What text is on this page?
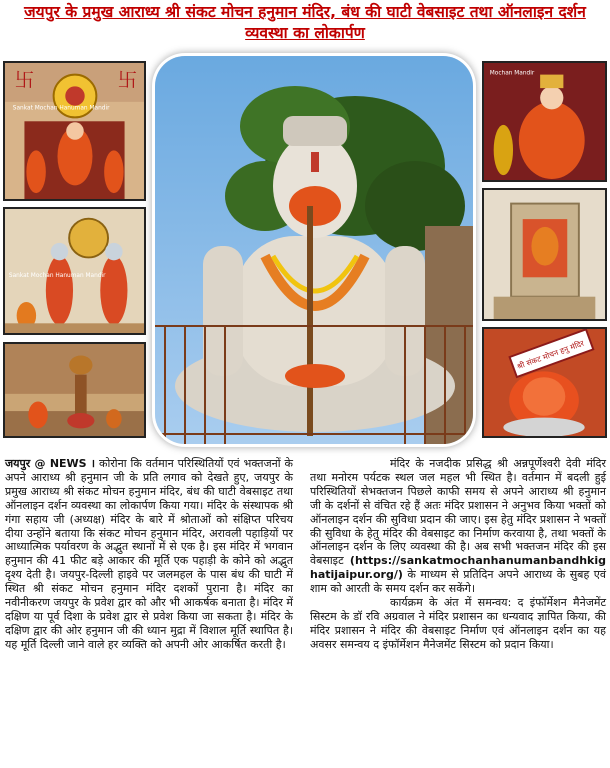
जयपुर के प्रमुख आराध्य श्री संकट मोचन हनुमान मंदिर, बंध की घाटी वेबसाइट तथा ऑनलाइन दर्शन व्यवस्था का लोकार्पण
卐	卐
Sankat Mochan Hanuman Mandir
Sankat Mochan Hanuman Mandir
Mochan Mandir
श्री संकट मोचन हनु मंदिर

जयपुर @ NEWS । कोरोना कि वर्तमान परिस्थितियों एवं भक्तजनों के अपने आराध्य श्री हनुमान जी के प्रति लगाव को देखते हुए, जयपुर के प्रमुख आराध्य श्री संकट मोचन हनुमान मंदिर, बंध की घाटी वेबसाइट तथा ऑनलाइन दर्शन व्यवस्था का लोकार्पण किया गया। मंदिर के संस्थापक श्री गंगा सहाय जी (अध्यक्ष) मंदिर के बारे में श्रोताओं को संक्षिप्त परिचय दीया उन्होंने बताया कि संकट मोचन हनुमान मंदिर, अरावली पहाड़ियों पर आध्यात्मिक पर्यावरण के अद्भुत स्थानों में से एक है। इस मंदिर में भगवान हनुमान की 41 फीट बड़े आकार की मूर्ति एक पहाड़ी के कोने को अद्भुत दृश्य देती है। जयपुर-दिल्ली हाइवे पर जलमहल के पास बंध की घाटी में स्थित श्री संकट मोचन हनुमान मंदिर दशकों पुराना है। मंदिर का नवीनीकरण जयपुर के प्रवेश द्वार को और भी आकर्षक बनाता है। मंदिर में दक्षिण या पूर्व दिशा के प्रवेश द्वार से प्रवेश किया जा सकता है। मंदिर के दक्षिण द्वार की ओर हनुमान जी की ध्यान मुद्रा में विशाल मूर्ति स्थापित है। यह मूर्ति दिल्ली जाने वाले हर व्यक्ति को अपनी ओर आकर्षित करती है।

मंदिर के नजदीक प्रसिद्ध श्री अन्नपूर्णेश्वरी देवी मंदिर तथा मनोरम पर्यटक स्थल जल महल भी स्थित है। वर्तमान में बदली हुई परिस्थितियों सेभक्तजन पिछले काफी समय से अपने आराध्य श्री हनुमान जी के दर्शनों से वंचित रहे हैं अतः मंदिर प्रशासन ने अनुभव किया भक्तों को ऑनलाइन दर्शन की सुविधा प्रदान की जाए। इस हेतु मंदिर प्रशासन ने भक्तों की सुविधा के हेतु मंदिर की वेबसाइट का निर्माण करवाया है, तथा भक्तों के ऑनलाइन दर्शन के लिए व्यवस्था की है। अब सभी भक्तजन मंदिर की इस वेबसाइट (https://sankatmochanhanumanbandhkighatijaipur.org/) के माध्यम से प्रतिदिन अपने आराध्य के सुबह एवं शाम को आरती के समय दर्शन कर सकेंगे।

कार्यक्रम के अंत में समन्वय: द इंफॉर्मेशन मैनेजमेंट सिस्टम के डॉ रवि अग्रवाल ने मंदिर प्रशासन का धन्यवाद ज्ञापित किया, की मंदिर प्रशासन ने मंदिर की वेबसाइट निर्माण एवं ऑनलाइन दर्शन का यह अवसर समन्वय द इंफॉर्मेशन मैनेजमेंट सिस्टम को प्रदान किया।
